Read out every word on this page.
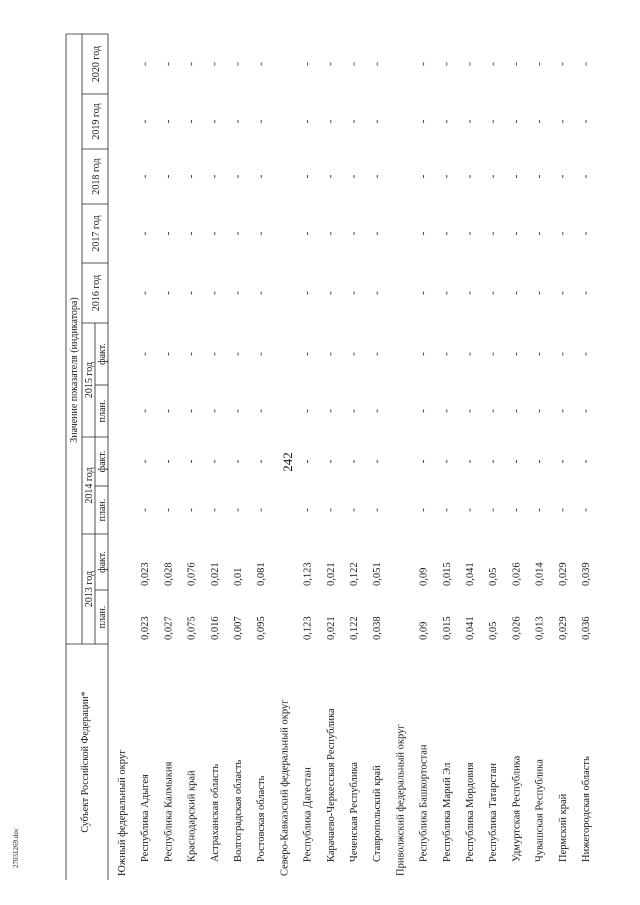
242
27031269.doc
Субъект Российской Федерации*
Значение показателя (индикатора)
2013 год
план.
факт.
2014 год
план.
факт.
2015 год
план.
факт.
2016 год
2017 год
2018 год
2019 год
2020 год
Южный федеральный округ Республика Адыгея
0,023
0,023
Республика Калмыкия
0,027
0,028
Краснодарский край
0,075
0,076
Астраханская область
0,016
0,021
Волгоградская область
0,007
0,01
Ростовская область
0,095
0,081
Северо-Кавказский федеральный округ Республика Дагестан
0,123
0,123
Карачаево-Черкесская Республика
0,021
0,021
Чеченская Республика
0,122
0,122
Ставропольский край
0,038
0,051
Приволжский федеральный округ Республика Башкортостан
0,09
0,09
Республика Марий Эл
0,015
0,015
Республика Мордовия
0,041
0,041
Республика Татарстан
0,05
0,05
Удмуртская Республика
0,026
0,026
Чувашская Республика
0,013
0,014
Пермский край
0,029
0,029
Нижегородская область
0,036
0,039
